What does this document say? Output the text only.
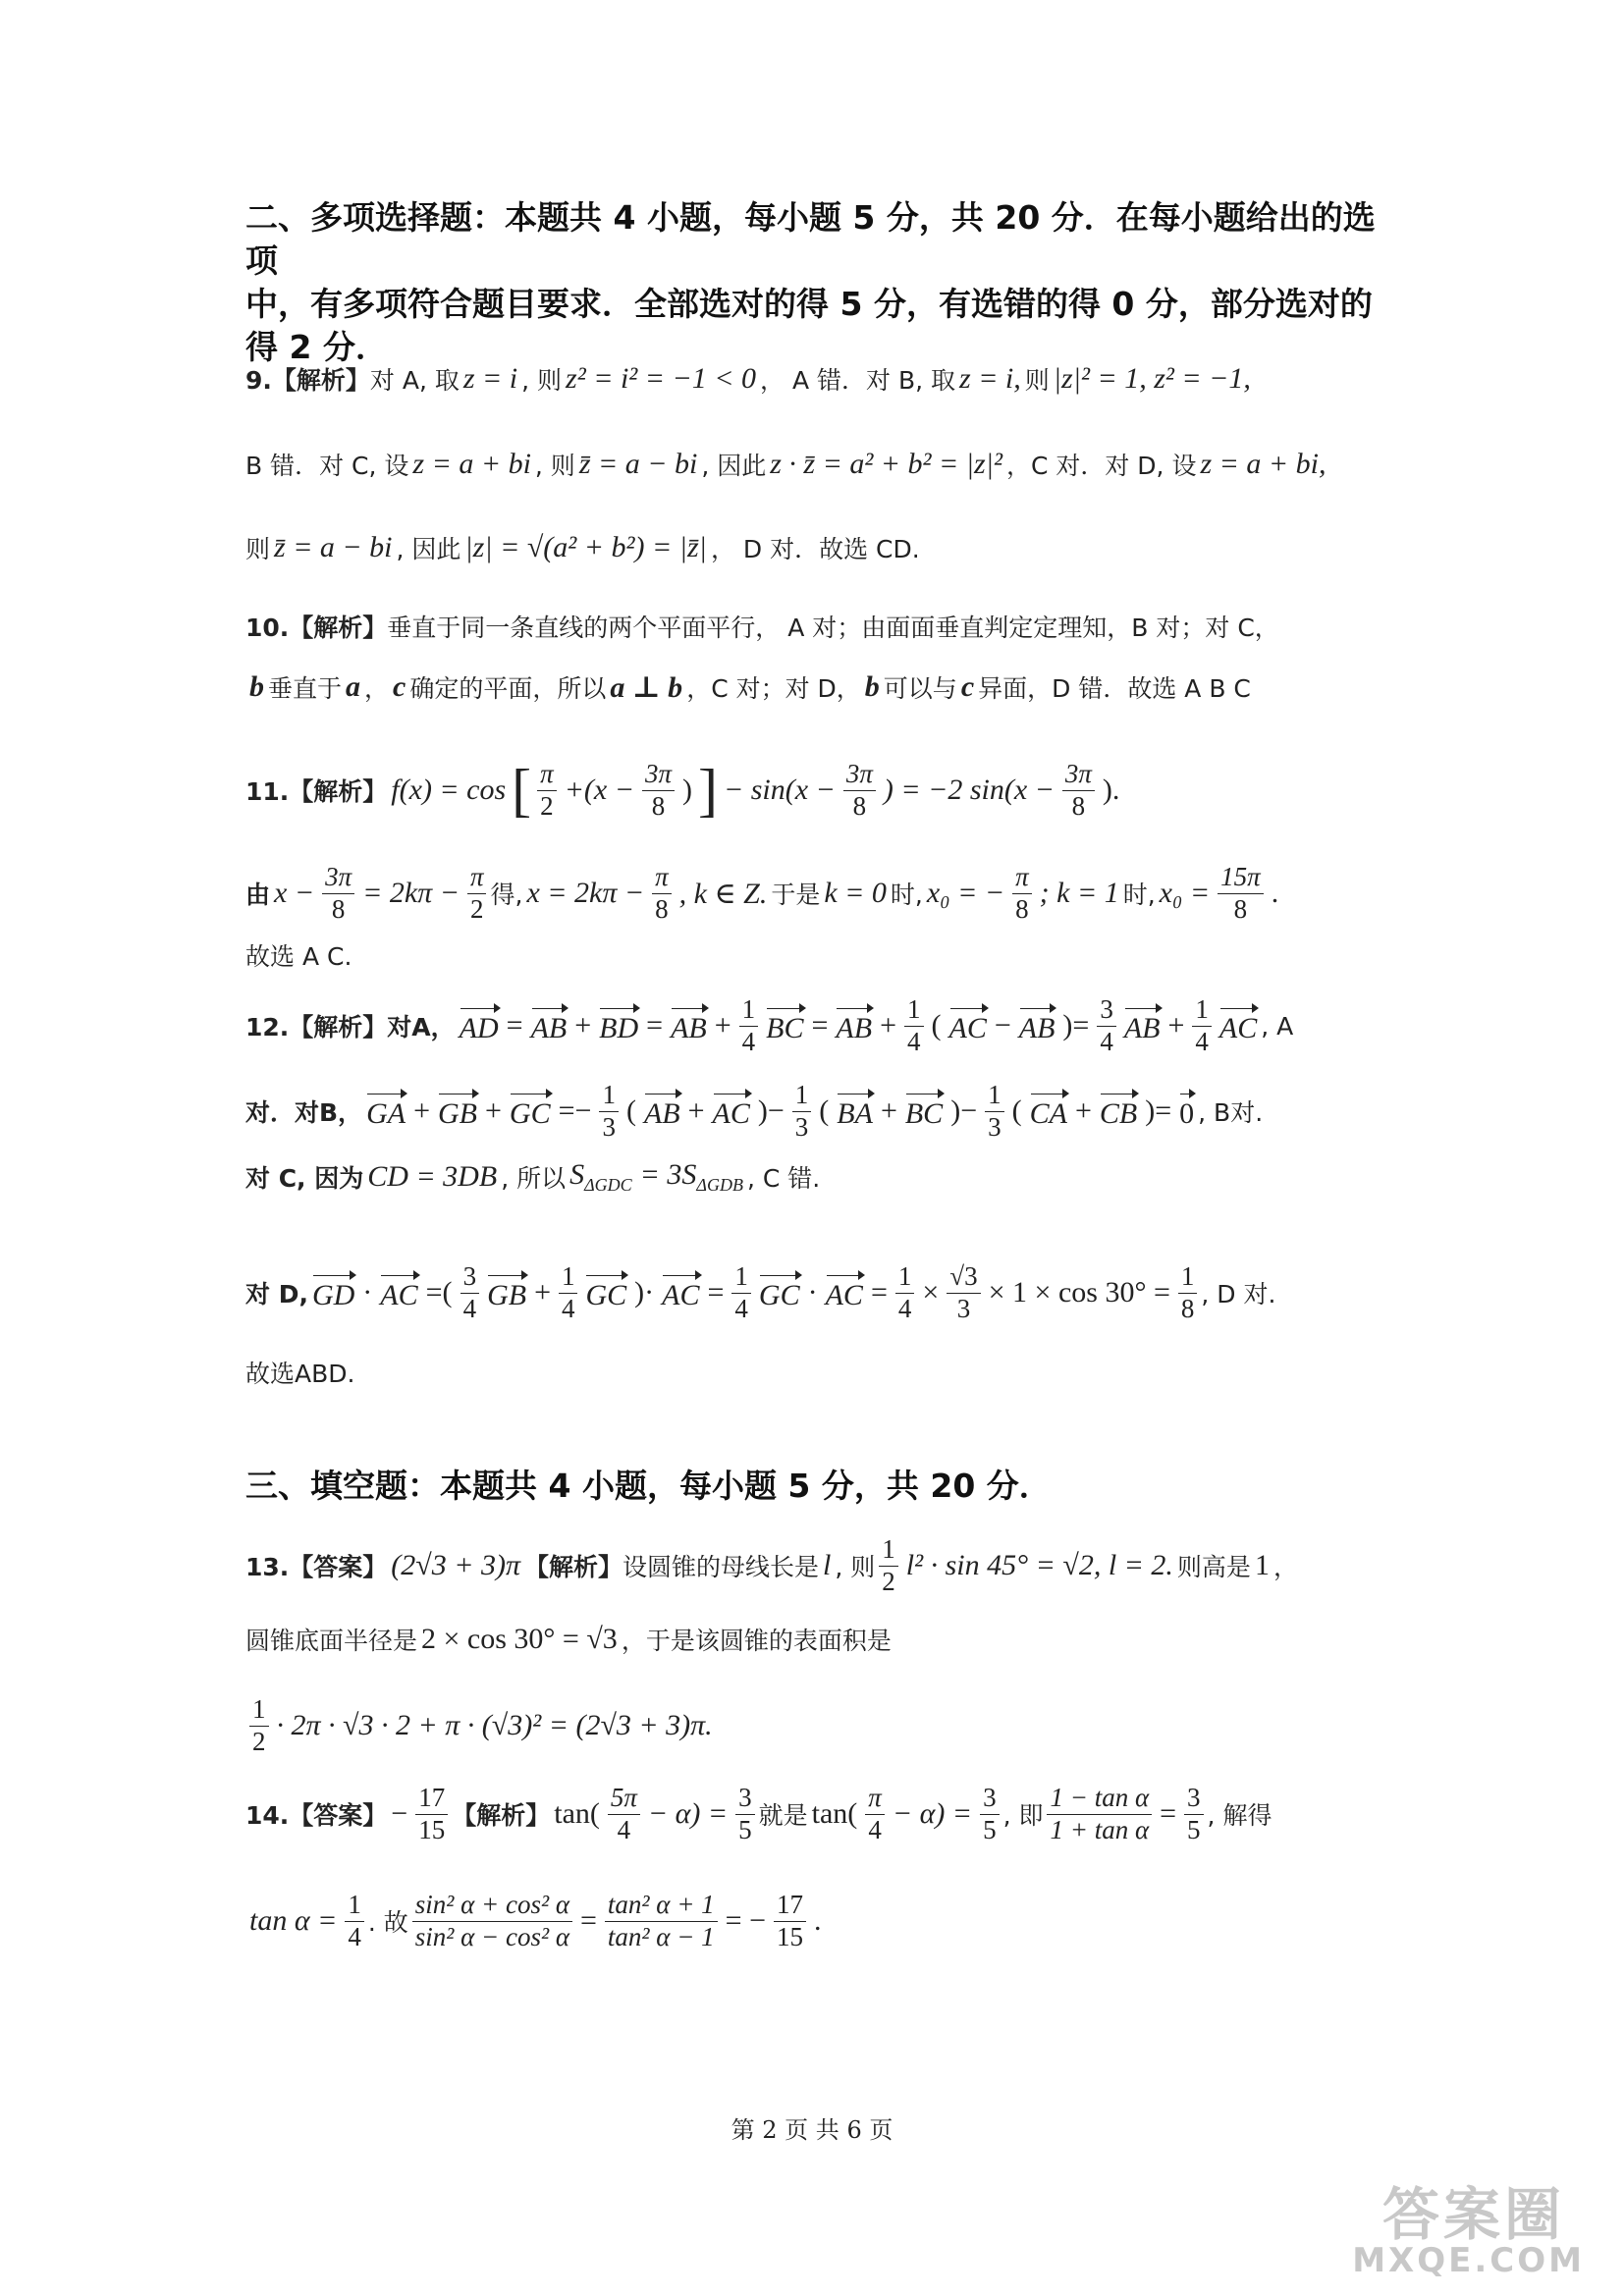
二、多项选择题：本题共 4 小题，每小题 5 分，共 20 分．在每小题给出的选项
中，有多项符合题目要求．全部选对的得 5 分，有选错的得 0 分，部分选对的
得 2 分．
9.【解析】 对 A, 取 z = i , 则 z² = i² = −1 < 0 ， A 错．对 B, 取 z = i, 则 |z|² = 1, z² = −1,
B 错．对 C, 设 z = a + bi , 则 z̄ = a − bi , 因此 z · z̄ = a² + b² = |z|² ，C 对．对 D, 设 z = a + bi,
则 z̄ = a − bi , 因此 |z| = √(a² + b²) = |z̄| ， D 对．故选 CD.
10.【解析】 垂直于同一条直线的两个平面平行， A 对；由面面垂直判定定理知，B 对；对 C，
b 垂直于 a ， c 确定的平面，所以 a ⊥ b ，C 对；对 D， b 可以与 c 异面，D 错．故选 A B C
11.【解析】 f(x) = cos [ $\frac{\pi}{2} +(x - \frac{3\pi}{8}$ ) ] − $\sin(x - \frac{3\pi}{8}$ ) = −2 $\sin(x - \frac{3\pi}{8}$ ).
由 $x - \frac{3\pi}{8} = 2k\pi - \frac{\pi}{2}$ 得, $x = 2k\pi - \frac{\pi}{8}$ , k ∈ Z. 于是 k = 0 时, x₀ = − $\frac{\pi}{8}$ ; k = 1 时, $x_0 = \frac{15\pi}{8}$ .
故选 A C.
12.【解析】 对A， AD = AB + BD = AB + $\frac{1}{4}$ BC = AB + $\frac{1}{4}$ ( AC − AB )= $\frac{3}{4}$ AB + $\frac{1}{4}$ AC , A
对．对B， GA + GB + GC =− $\frac{1}{3}$ ( AB + AC )− $\frac{1}{3}$ ( BA + BC )− $\frac{1}{3}$ ( CA + CB )= 0 , B对.
对 C, 因为 CD = 3DB , 所以 $S_{\Delta GDC} = 3S_{\Delta GDB}$ , C 错.
对 D, GD · AC =( $\frac{3}{4}$ GB + $\frac{1}{4}$ GC )· AC = $\frac{1}{4}$ GC · AC = $\frac{1}{4} \times \frac{√3}{3} \times 1 \times \cos 30^\circ = \frac{1}{8}$ , D 对.
故选ABD.
三、填空题：本题共 4 小题，每小题 5 分，共 20 分．
13.【答案】 (2√3 + 3)π 【解析】 设圆锥的母线长是 l , 则 $\frac{1}{2} l^2 \cdot \sin 45^\circ = √2$, l = 2. 则高是 1 ，
圆锥底面半径是 2 × cos 30° = √3 ，于是该圆锥的表面积是
$\frac{1}{2} \cdot 2\pi \cdot √3 \cdot 2 + \pi \cdot (√3)^2 = (2√3 + 3)\pi$.
14.【答案】 − $\frac{17}{15}$ 【解析】 $\tan( \frac{5\pi}{4} - \alpha) = \frac{3}{5}$ 就是 $\tan( \frac{\pi}{4} - \alpha) = \frac{3}{5}$ , 即 $\frac{\text{1 − tan α}}{\text{1 + tan α}} = \frac{3}{5}$ , 解得
$\tan \alpha = \frac{1}{4}$ . 故 $\frac{\text{sin² α + cos² α}}{\text{sin² α − cos² α}} = \frac{\text{tan² α + 1}}{\text{tan² α − 1}}$ = − $\frac{17}{15}$ .
第 2 页 共 6 页
答案圈
MXQE.COM
